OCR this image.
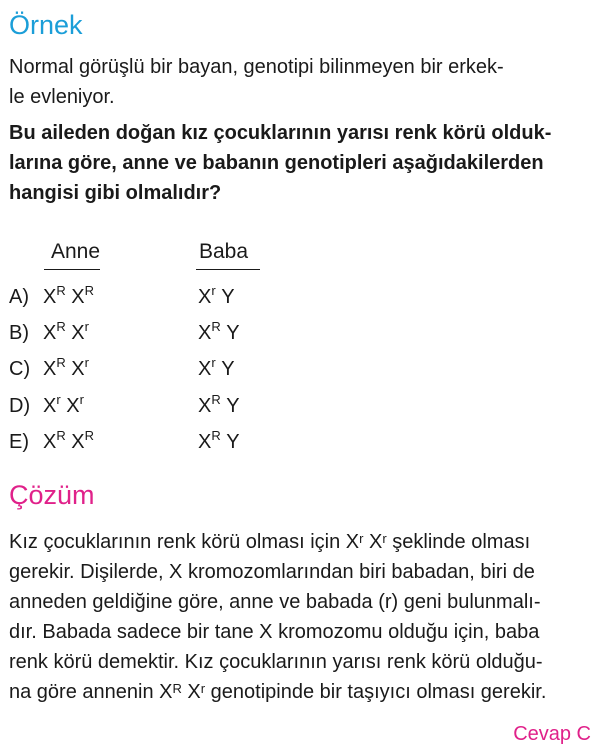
Örnek
Normal görüşlü bir bayan, genotipi bilinmeyen bir erkek-
le evleniyor.
Bu aileden doğan kız çocuklarının yarısı renk körü olduk-
larına göre, anne ve babanın genotipleri aşağıdakilerden
hangisi gibi olmalıdır?
Anne	Baba
A) $X^R$ $X^R$	$X^r$ Y
B) $X^R$ $X^r$	$X^R$ Y
C) $X^R$ $X^r$	$X^r$ Y
D) $X^r$ $X^r$	$X^R$ Y
E) $X^R$ $X^R$	$X^R$ Y
Çözüm
Kız çocuklarının renk körü olması için $X^r$ $X^r$ şeklinde olması
gerekir. Dişilerde, X kromozomlarından biri babadan, biri de
anneden geldiğine göre, anne ve babada (r) geni bulunmalı-
dır. Babada sadece bir tane X kromozomu olduğu için, baba
renk körü demektir. Kız çocuklarının yarısı renk körü olduğu-
na göre annenin $X^R$ $X^r$ genotipinde bir taşıyıcı olması gerekir.
Cevap C
